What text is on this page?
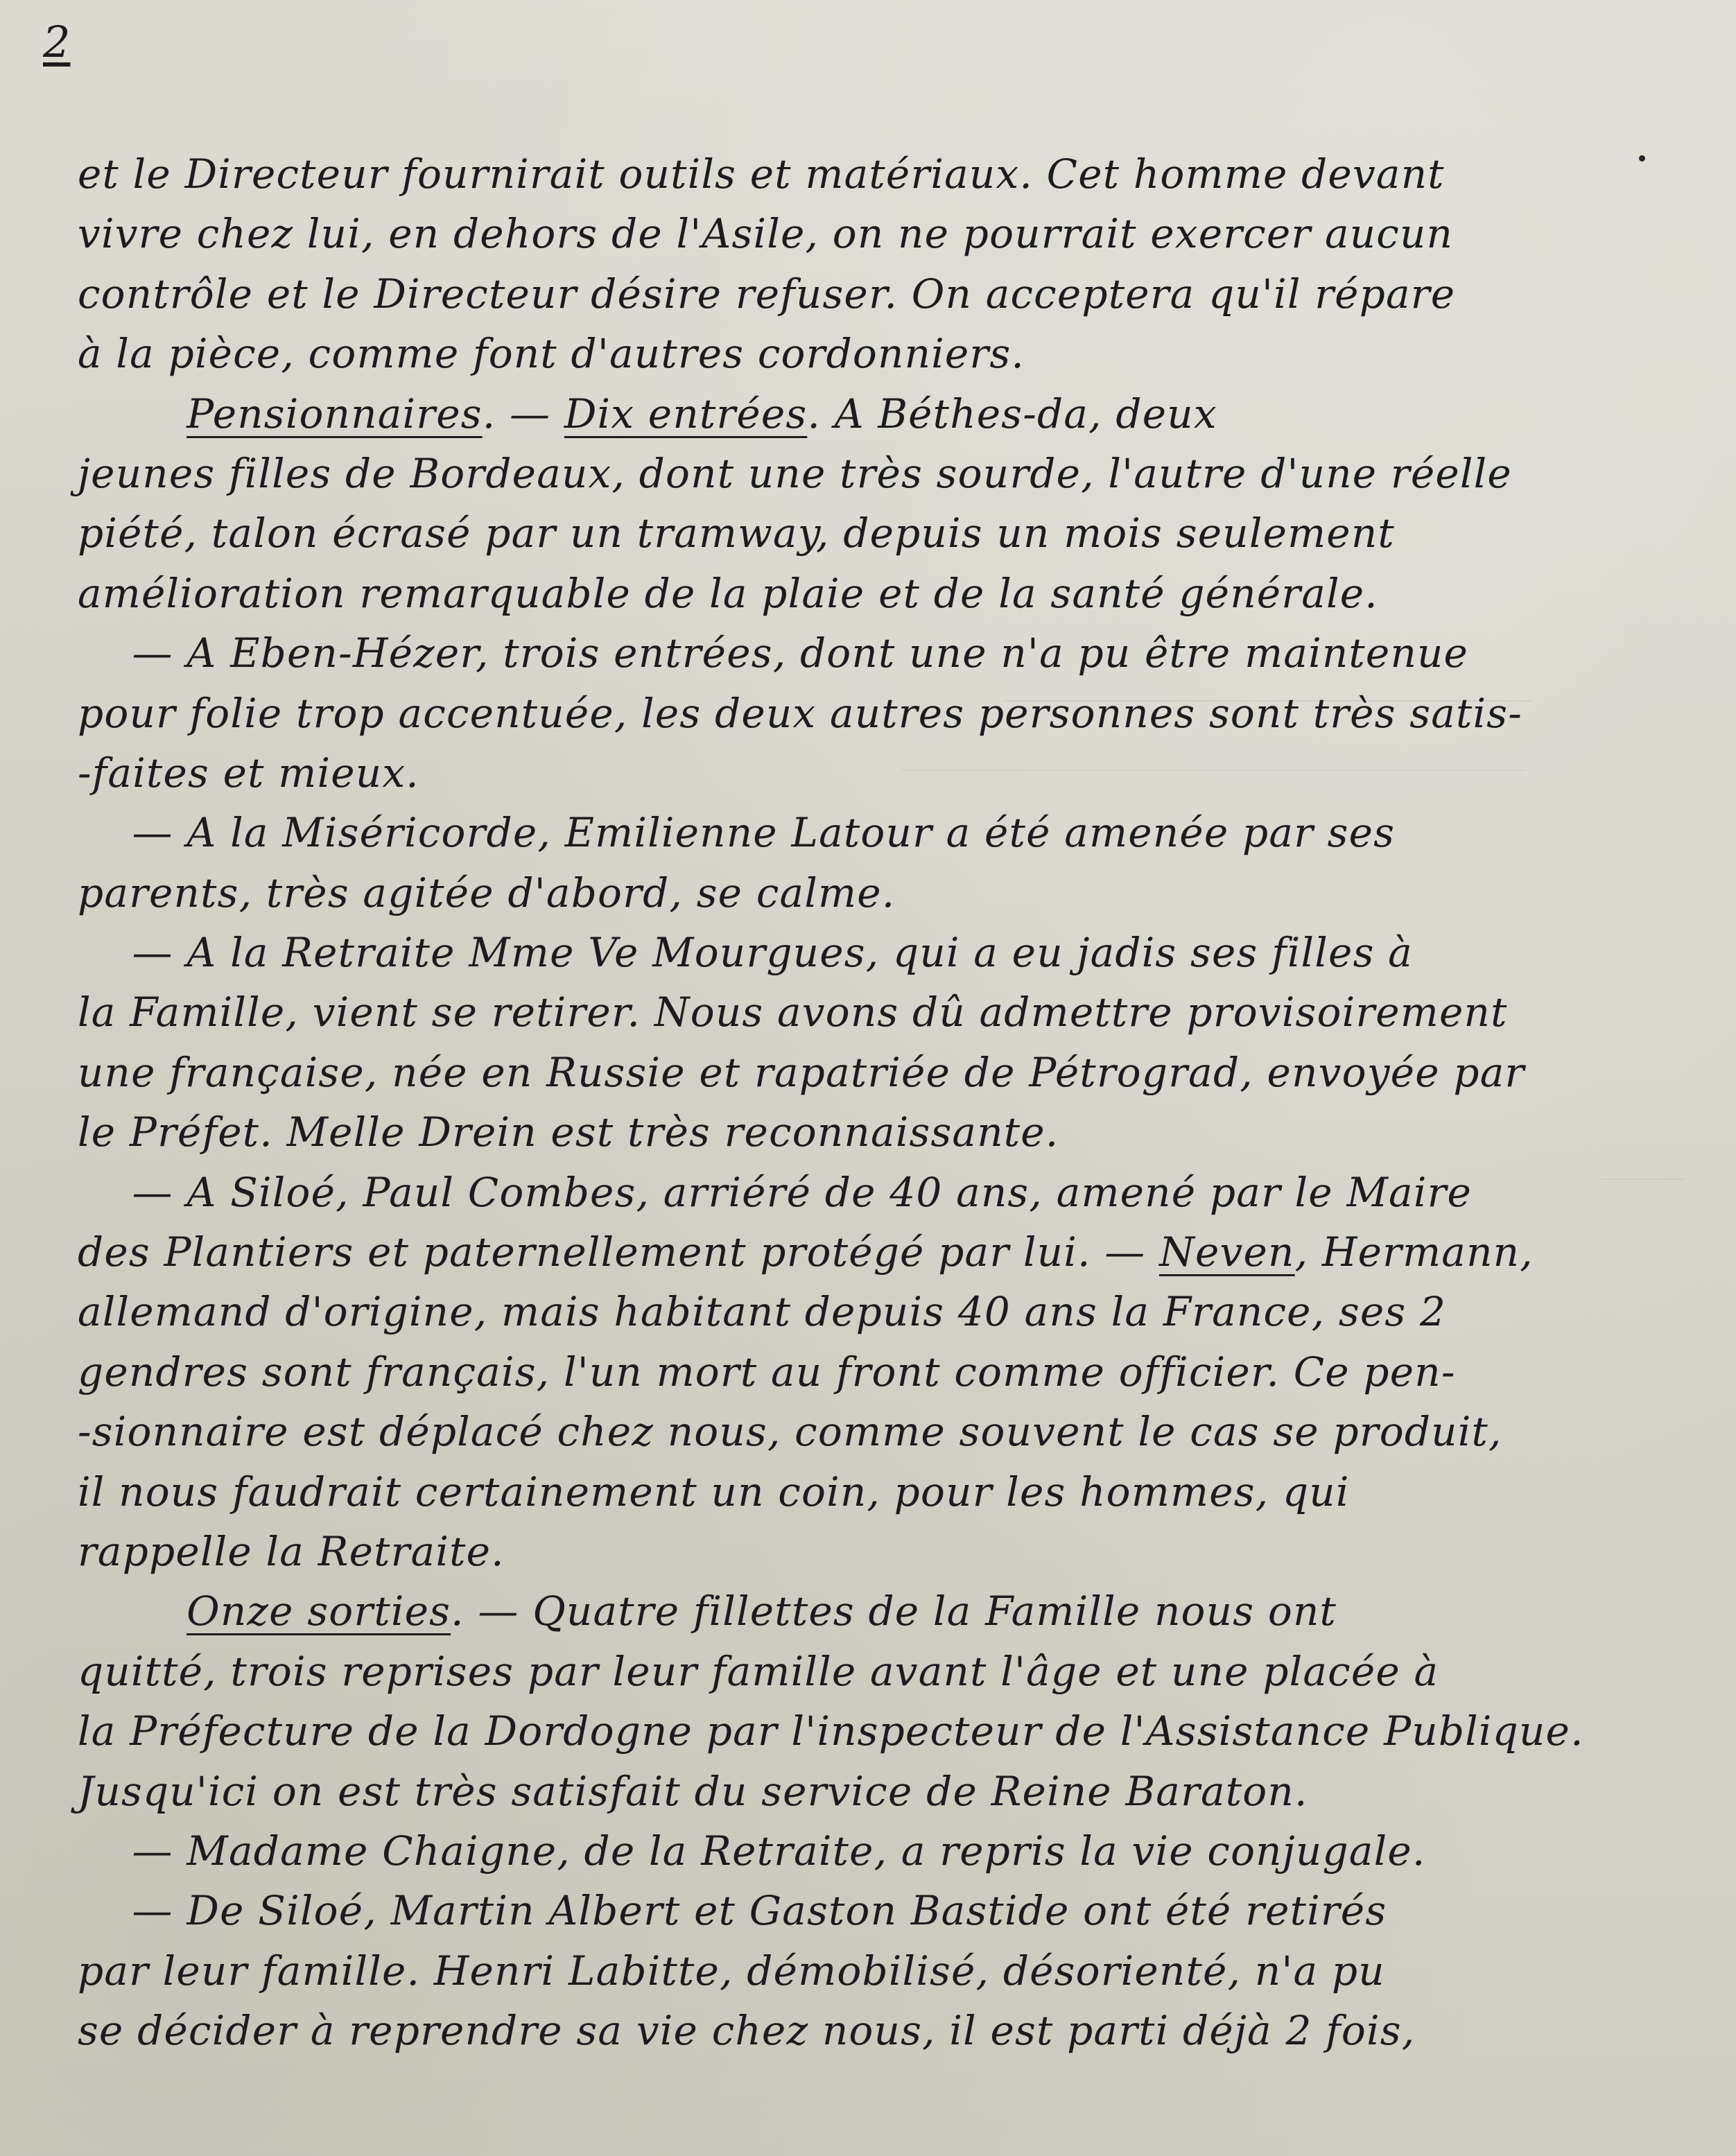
2
et le Directeur fournirait outils et matériaux. Cet homme devant
vivre chez lui, en dehors de l'Asile, on ne pourrait exercer aucun
contrôle et le Directeur désire refuser. On acceptera qu'il répare
à la pièce, comme font d'autres cordonniers.
Pensionnaires. — Dix entrées. A Béthes-da, deux
jeunes filles de Bordeaux, dont une très sourde, l'autre d'une réelle
piété, talon écrasé par un tramway, depuis un mois seulement
amélioration remarquable de la plaie et de la santé générale.
— A Eben-Hézer, trois entrées, dont une n'a pu être maintenue
pour folie trop accentuée, les deux autres personnes sont très satis-
-faites et mieux.
— A la Miséricorde, Emilienne Latour a été amenée par ses
parents, très agitée d'abord, se calme.
— A la Retraite Mme Ve Mourgues, qui a eu jadis ses filles à
la Famille, vient se retirer. Nous avons dû admettre provisoirement
une française, née en Russie et rapatriée de Pétrograd, envoyée par
le Préfet. Melle Drein est très reconnaissante.
— A Siloé, Paul Combes, arriéré de 40 ans, amené par le Maire
des Plantiers et paternellement protégé par lui. — Neven, Hermann,
allemand d'origine, mais habitant depuis 40 ans la France, ses 2
gendres sont français, l'un mort au front comme officier. Ce pen-
-sionnaire est déplacé chez nous, comme souvent le cas se produit,
il nous faudrait certainement un coin, pour les hommes, qui
rappelle la Retraite.
Onze sorties. — Quatre fillettes de la Famille nous ont
quitté, trois reprises par leur famille avant l'âge et une placée à
la Préfecture de la Dordogne par l'inspecteur de l'Assistance Publique.
Jusqu'ici on est très satisfait du service de Reine Baraton.
— Madame Chaigne, de la Retraite, a repris la vie conjugale.
— De Siloé, Martin Albert et Gaston Bastide ont été retirés
par leur famille. Henri Labitte, démobilisé, désorienté, n'a pu
se décider à reprendre sa vie chez nous, il est parti déjà 2 fois,
